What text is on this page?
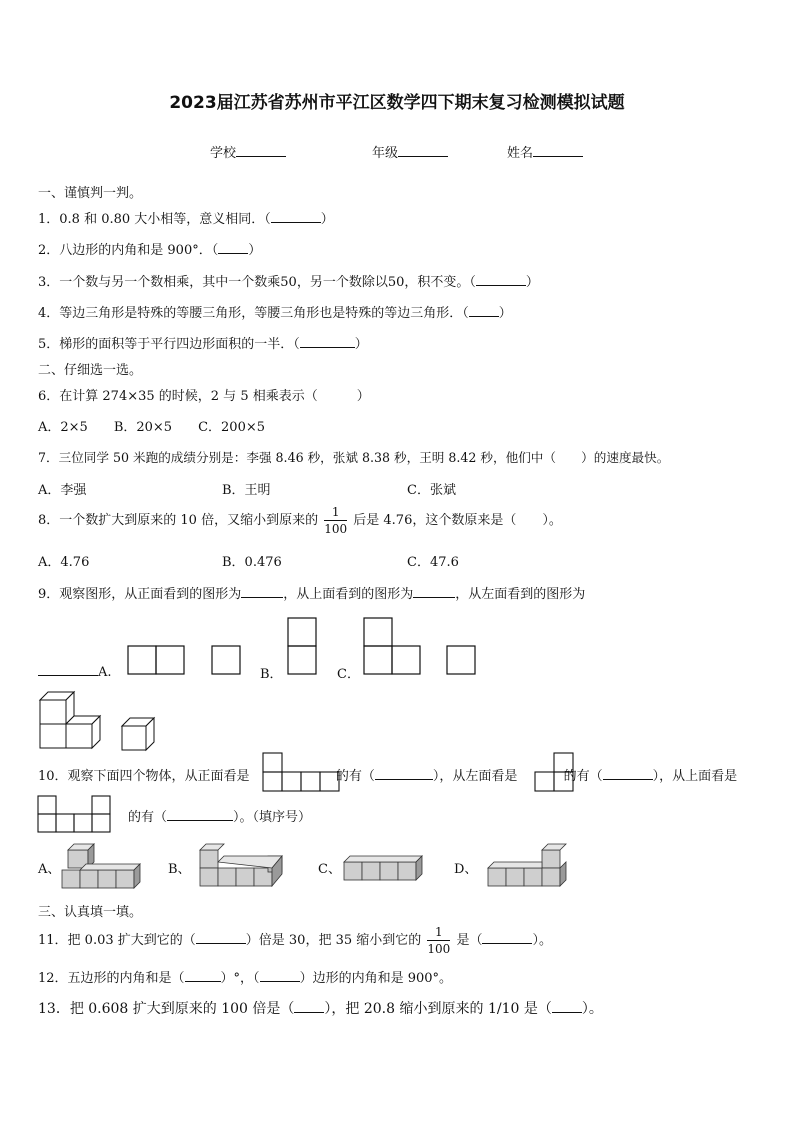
2023届江苏省苏州市平江区数学四下期末复习检测模拟试题
学校	年级	姓名
一、谨慎判一判。
1．0.8 和 0.80 大小相等，意义相同．（	）
2．八边形的内角和是 900°．（ ）
3．一个数与另一个数相乘，其中一个数乘50，另一个数除以50，积不变。（	）
4．等边三角形是特殊的等腰三角形，等腰三角形也是特殊的等边三角形．（ ）
5．梯形的面积等于平行四边形面积的一半．（	）
二、仔细选一选。
6．在计算 274×35 的时候，2 与 5 相乘表示（　　　）
A．2×5　　B．20×5　　C．200×5
7．三位同学 50 米跑的成绩分别是：李强 8.46 秒，张斌 8.38 秒，王明 8.42 秒，他们中（　　）的速度最快。
A．李强	B．王明	C．张斌
8．一个数扩大到原来的 10 倍，又缩小到原来的 $\frac{1}{100}$ 后是 4.76，这个数原来是（　　）。
A．4.76	B．0.476	C．47.6
9．观察图形，从正面看到的图形为	，从上面看到的图形为	，从左面看到的图形为
A.	B．	C．
10．观察下面四个物体，从正面看是	的有（	），从左面看是	的有（	），从上面看是
的有（	）。（填序号）
A、	B、	C、	D、
三、认真填一填。
11．把 0.03 扩大到它的（	）倍是 30，把 35 缩小到它的 $\frac{1}{100}$ 是（	）。
12．五边形的内角和是（	）°，（	）边形的内角和是 900°。
13．把 0.608 扩大到原来的 100 倍是（ ），把 20.8 缩小到原来的 1/10 是（ ）。
